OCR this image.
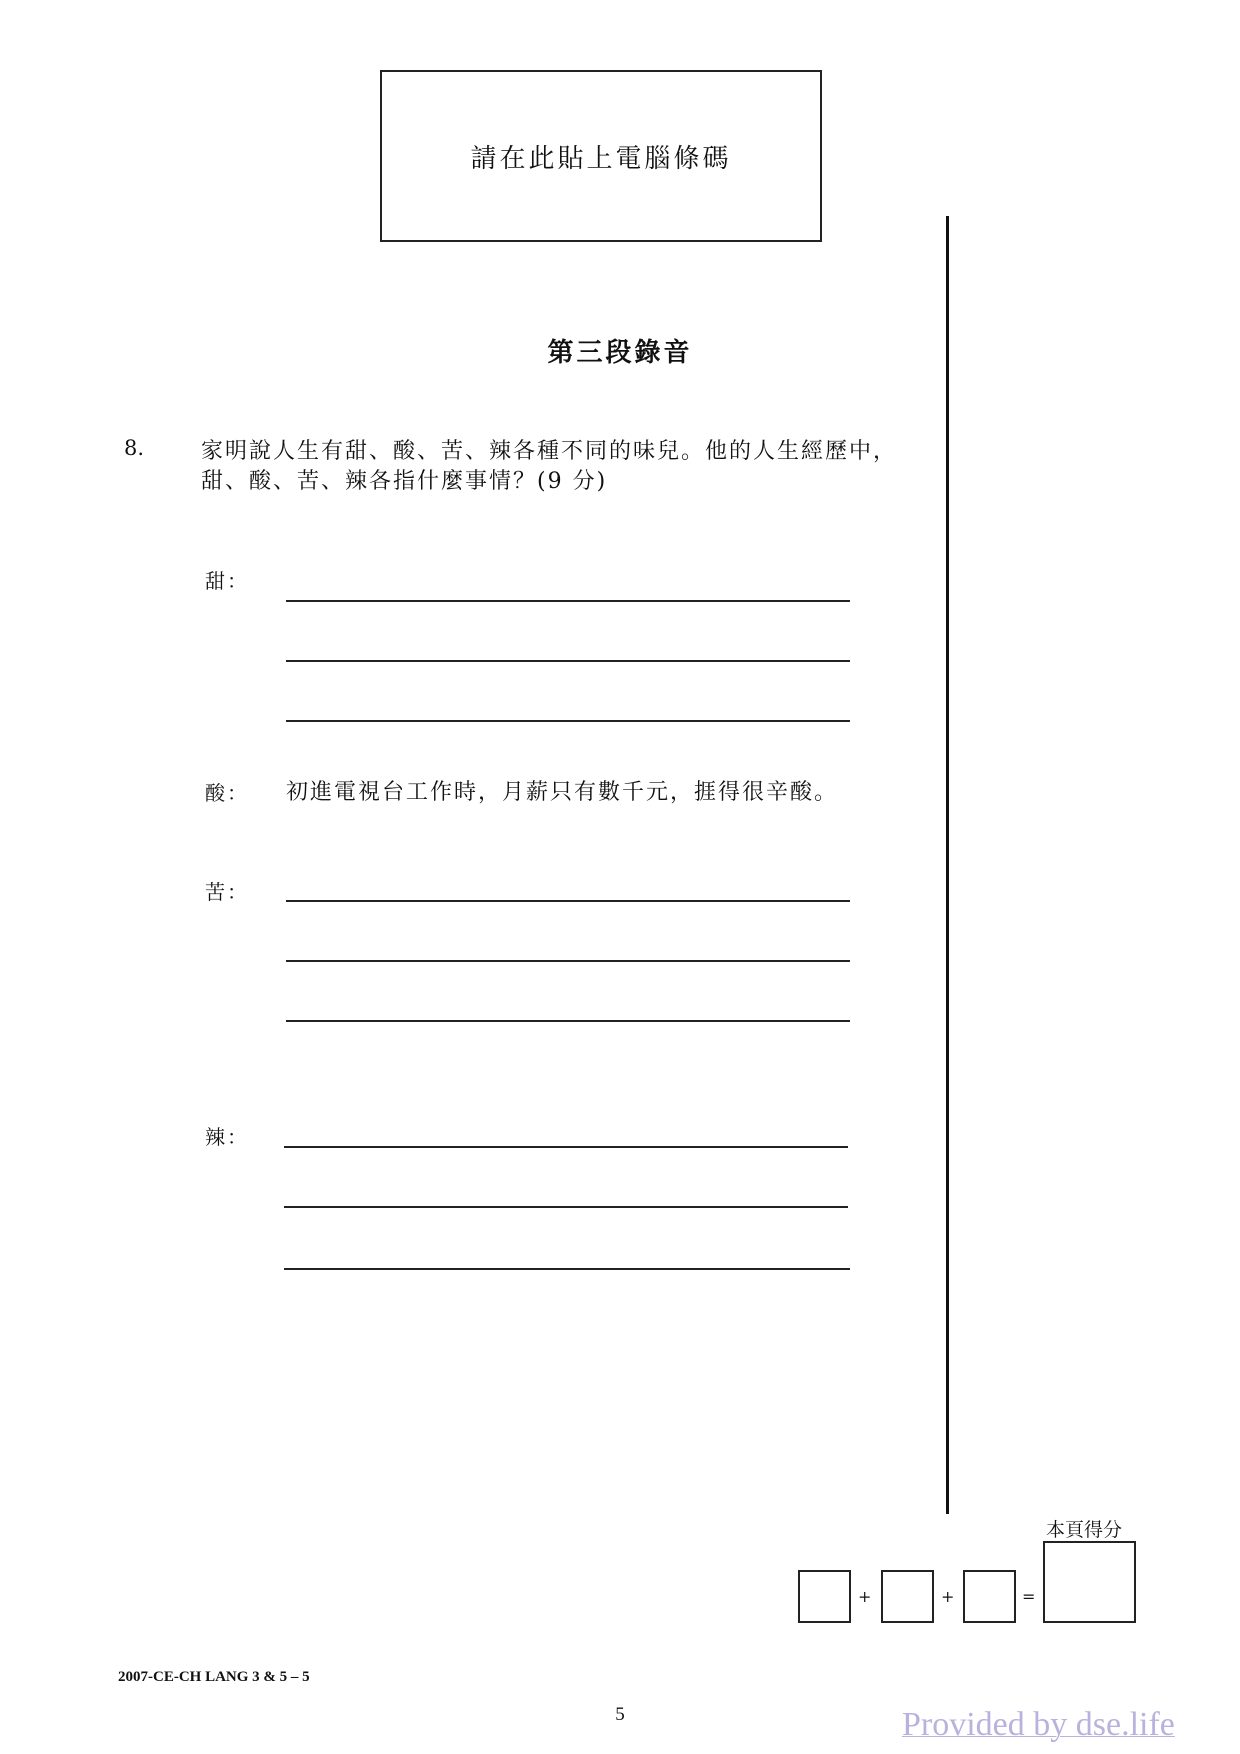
請在此貼上電腦條碼
第三段錄音
8.	家明說人生有甜、酸、苦、辣各種不同的味兒。他的人生經歷中，
甜、酸、苦、辣各指什麼事情？(9 分)
甜：
酸： 初進電視台工作時，月薪只有數千元，捱得很辛酸。
苦：
辣：
本頁得分
+	+	=
2007-CE-CH LANG 3 & 5 – 5
5	Provided by dse.life
